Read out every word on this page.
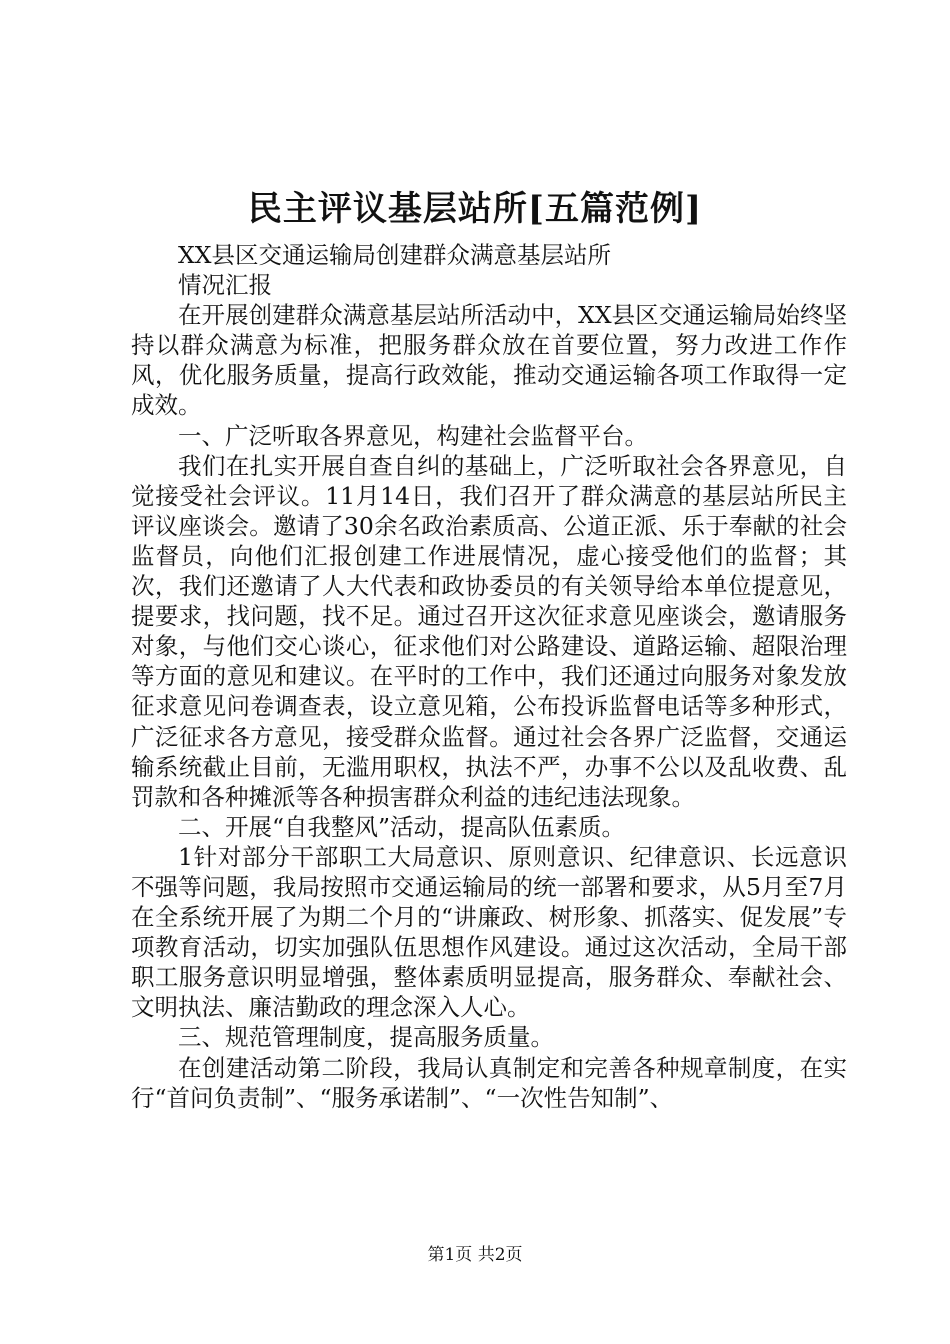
民主评议基层站所[五篇范例]

XX县区交通运输局创建群众满意基层站所

情况汇报

在开展创建群众满意基层站所活动中，XX县区交通运输局始终坚持以群众满意为标准，把服务群众放在首要位置，努力改进工作作风，优化服务质量，提高行政效能，推动交通运输各项工作取得一定成效。

一、广泛听取各界意见，构建社会监督平台。

我们在扎实开展自查自纠的基础上，广泛听取社会各界意见，自觉接受社会评议。11月14日，我们召开了群众满意的基层站所民主评议座谈会。邀请了30余名政治素质高、公道正派、乐于奉献的社会监督员，向他们汇报创建工作进展情况，虚心接受他们的监督；其次，我们还邀请了人大代表和政协委员的有关领导给本单位提意见，提要求，找问题，找不足。通过召开这次征求意见座谈会，邀请服务对象，与他们交心谈心，征求他们对公路建设、道路运输、超限治理等方面的意见和建议。在平时的工作中，我们还通过向服务对象发放征求意见问卷调查表，设立意见箱，公布投诉监督电话等多种形式，广泛征求各方意见，接受群众监督。通过社会各界广泛监督，交通运输系统截止目前，无滥用职权，执法不严，办事不公以及乱收费、乱罚款和各种摊派等各种损害群众利益的违纪违法现象。

二、开展“自我整风”活动，提高队伍素质。

1针对部分干部职工大局意识、原则意识、纪律意识、长远意识不强等问题，我局按照市交通运输局的统一部署和要求，从5月至7月在全系统开展了为期二个月的“讲廉政、树形象、抓落实、促发展”专项教育活动，切实加强队伍思想作风建设。通过这次活动，全局干部职工服务意识明显增强，整体素质明显提高，服务群众、奉献社会、文明执法、廉洁勤政的理念深入人心。

三、规范管理制度，提高服务质量。

在创建活动第二阶段，我局认真制定和完善各种规章制度，在实行“首问负责制”、“服务承诺制”、“一次性告知制”、

第1页 共2页
